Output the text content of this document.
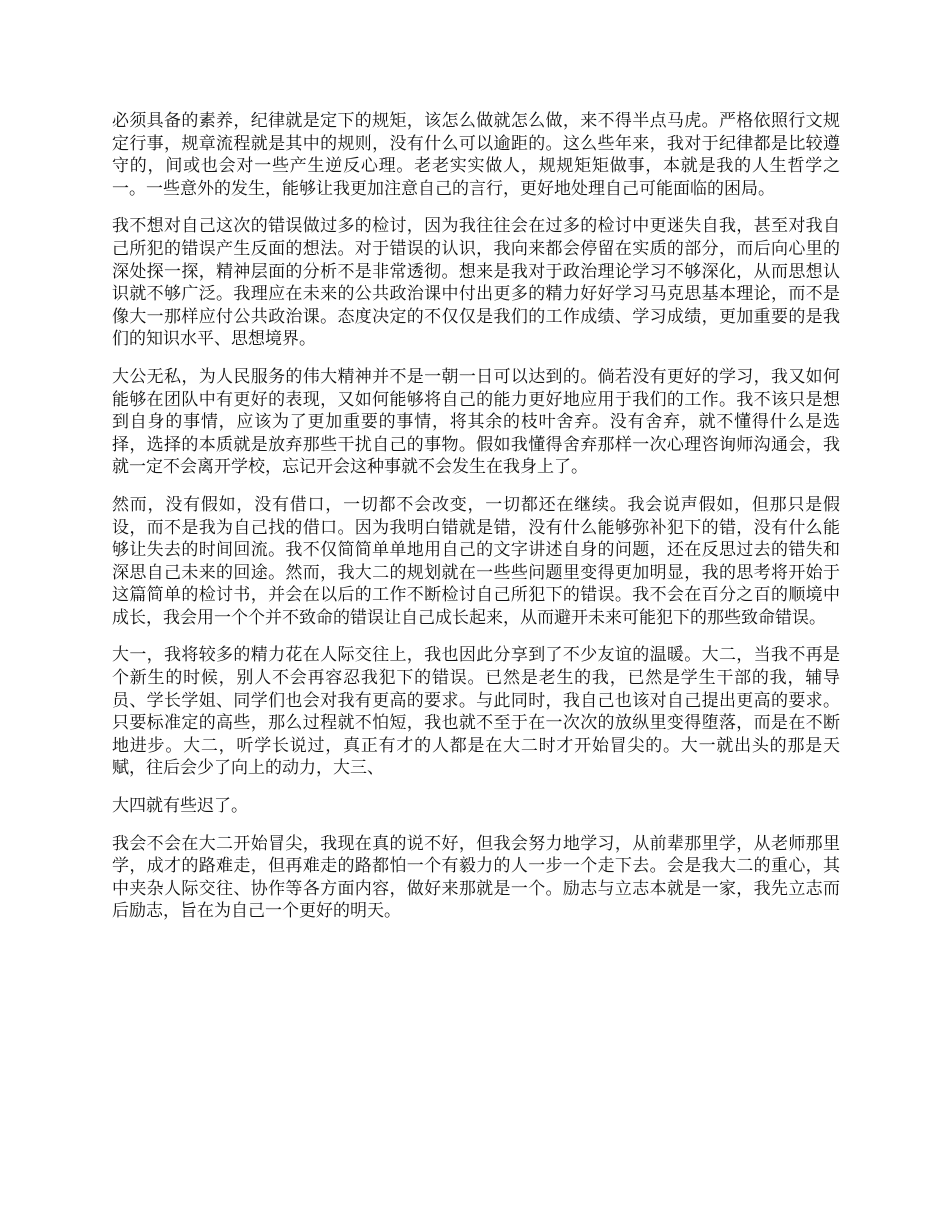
必须具备的素养，纪律就是定下的规矩，该怎么做就怎么做，来不得半点马虎。严格依照行文规定行事，规章流程就是其中的规则，没有什么可以逾距的。这么些年来，我对于纪律都是比较遵守的，间或也会对一些产生逆反心理。老老实实做人，规规矩矩做事，本就是我的人生哲学之一。一些意外的发生，能够让我更加注意自己的言行，更好地处理自己可能面临的困局。

我不想对自己这次的错误做过多的检讨，因为我往往会在过多的检讨中更迷失自我，甚至对我自己所犯的错误产生反面的想法。对于错误的认识，我向来都会停留在实质的部分，而后向心里的深处探一探，精神层面的分析不是非常透彻。想来是我对于政治理论学习不够深化，从而思想认识就不够广泛。我理应在未来的公共政治课中付出更多的精力好好学习马克思基本理论，而不是像大一那样应付公共政治课。态度决定的不仅仅是我们的工作成绩、学习成绩，更加重要的是我们的知识水平、思想境界。

大公无私，为人民服务的伟大精神并不是一朝一日可以达到的。倘若没有更好的学习，我又如何能够在团队中有更好的表现，又如何能够将自己的能力更好地应用于我们的工作。我不该只是想到自身的事情，应该为了更加重要的事情，将其余的枝叶舍弃。没有舍弃，就不懂得什么是选择，选择的本质就是放弃那些干扰自己的事物。假如我懂得舍弃那样一次心理咨询师沟通会，我就一定不会离开学校，忘记开会这种事就不会发生在我身上了。

然而，没有假如，没有借口，一切都不会改变，一切都还在继续。我会说声假如，但那只是假设，而不是我为自己找的借口。因为我明白错就是错，没有什么能够弥补犯下的错，没有什么能够让失去的时间回流。我不仅简简单单地用自己的文字讲述自身的问题，还在反思过去的错失和深思自己未来的回途。然而，我大二的规划就在一些些问题里变得更加明显，我的思考将开始于这篇简单的检讨书，并会在以后的工作不断检讨自己所犯下的错误。我不会在百分之百的顺境中成长，我会用一个个并不致命的错误让自己成长起来，从而避开未来可能犯下的那些致命错误。

大一，我将较多的精力花在人际交往上，我也因此分享到了不少友谊的温暖。大二，当我不再是个新生的时候，别人不会再容忍我犯下的错误。已然是老生的我，已然是学生干部的我，辅导员、学长学姐、同学们也会对我有更高的要求。与此同时，我自己也该对自己提出更高的要求。只要标准定的高些，那么过程就不怕短，我也就不至于在一次次的放纵里变得堕落，而是在不断地进步。大二，听学长说过，真正有才的人都是在大二时才开始冒尖的。大一就出头的那是天赋，往后会少了向上的动力，大三、

大四就有些迟了。

我会不会在大二开始冒尖，我现在真的说不好，但我会努力地学习，从前辈那里学，从老师那里学，成才的路难走，但再难走的路都怕一个有毅力的人一步一个走下去。会是我大二的重心，其中夹杂人际交往、协作等各方面内容，做好来那就是一个。励志与立志本就是一家，我先立志而后励志，旨在为自己一个更好的明天。
